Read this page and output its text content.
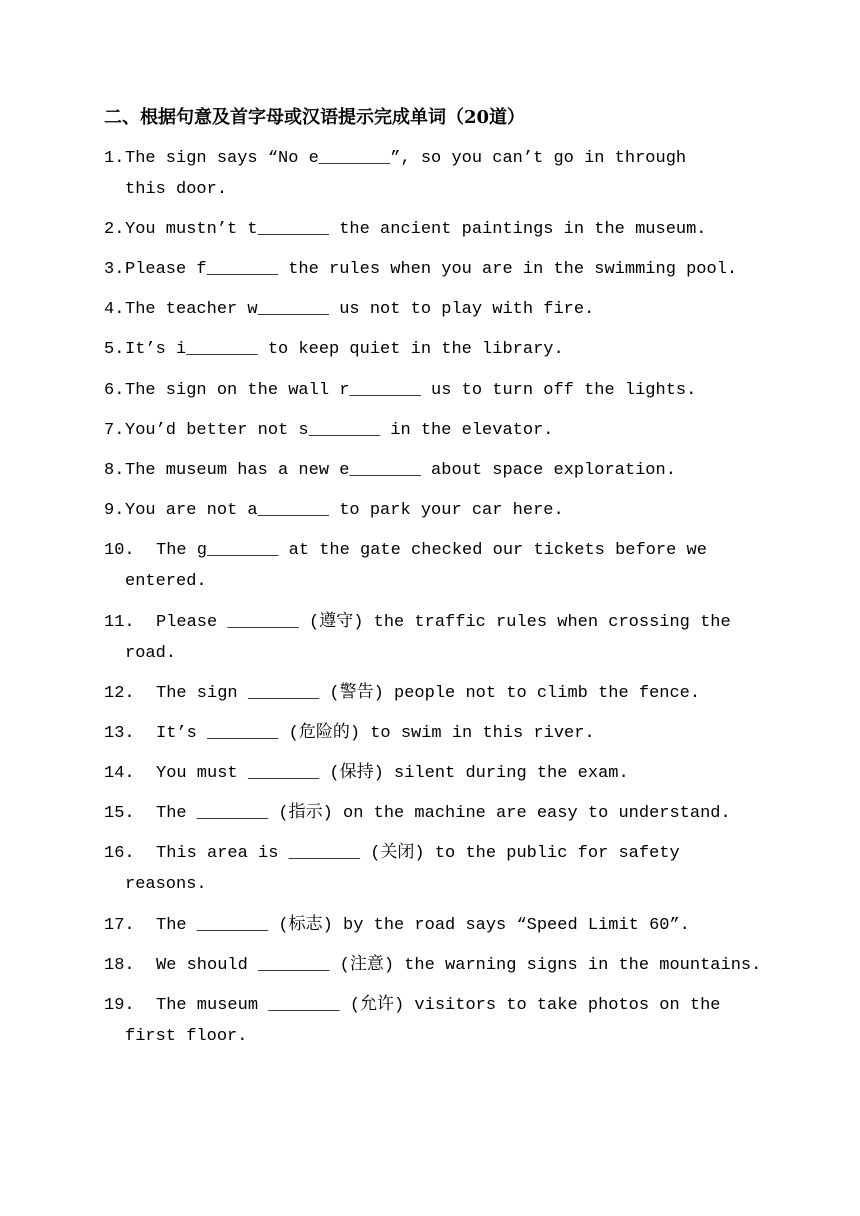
二、根据句意及首字母或汉语提示完成单词（20道）
1.The sign says “No e_______”, so you can’t go in through
this door.
2.You mustn’t t_______ the ancient paintings in the museum.
3.Please f_______ the rules when you are in the swimming pool.
4.The teacher w_______ us not to play with fire.
5.It’s i_______ to keep quiet in the library.
6.The sign on the wall r_______ us to turn off the lights.
7.You’d better not s_______ in the elevator.
8.The museum has a new e_______ about space exploration.
9.You are not a_______ to park your car here.
10. The g_______ at the gate checked our tickets before we
entered.
11. Please _______ (遵守) the traffic rules when crossing the
road.
12. The sign _______ (警告) people not to climb the fence.
13. It’s _______ (危险的) to swim in this river.
14. You must _______ (保持) silent during the exam.
15. The _______ (指示) on the machine are easy to understand.
16. This area is _______ (关闭) to the public for safety
reasons.
17. The _______ (标志) by the road says “Speed Limit 60”.
18. We should _______ (注意) the warning signs in the mountains.
19. The museum _______ (允许) visitors to take photos on the
first floor.
